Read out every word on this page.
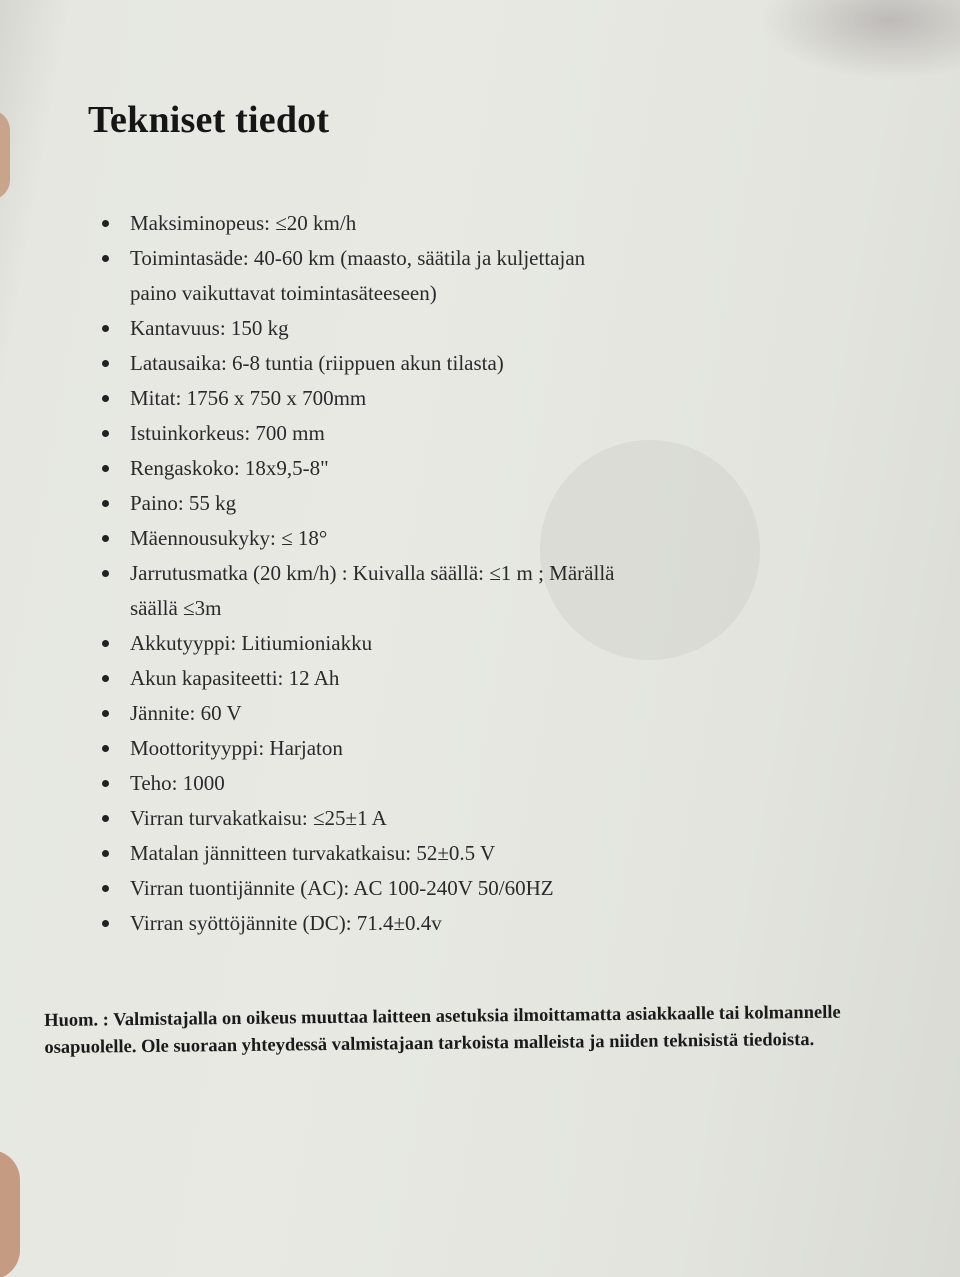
Tekniset tiedot
Maksiminopeus: ≤20 km/h
Toimintasäde: 40-60 km (maasto, säätila ja kuljettajan paino vaikuttavat toimintasäteeseen)
Kantavuus: 150 kg
Latausaika: 6-8 tuntia (riippuen akun tilasta)
Mitat: 1756 x 750 x 700mm
Istuinkorkeus: 700 mm
Rengaskoko: 18x9,5-8"
Paino: 55 kg
Mäennousukyky: ≤ 18°
Jarrutusmatka (20 km/h) : Kuivalla säällä: ≤1 m ; Märällä säällä ≤3m
Akkutyyppi: Litiumioniakku
Akun kapasiteetti: 12 Ah
Jännite: 60 V
Moottorityyppi: Harjaton
Teho: 1000
Virran turvakatkaisu: ≤25±1 A
Matalan jännitteen turvakatkaisu: 52±0.5 V
Virran tuontijännite (AC): AC 100-240V 50/60HZ
Virran syöttöjännite (DC): 71.4±0.4v

Huom. : Valmistajalla on oikeus muuttaa laitteen asetuksia ilmoittamatta asiakkaalle tai kolmannelle osapuolelle. Ole suoraan yhteydessä valmistajaan tarkoista malleista ja niiden teknisistä tiedoista.
